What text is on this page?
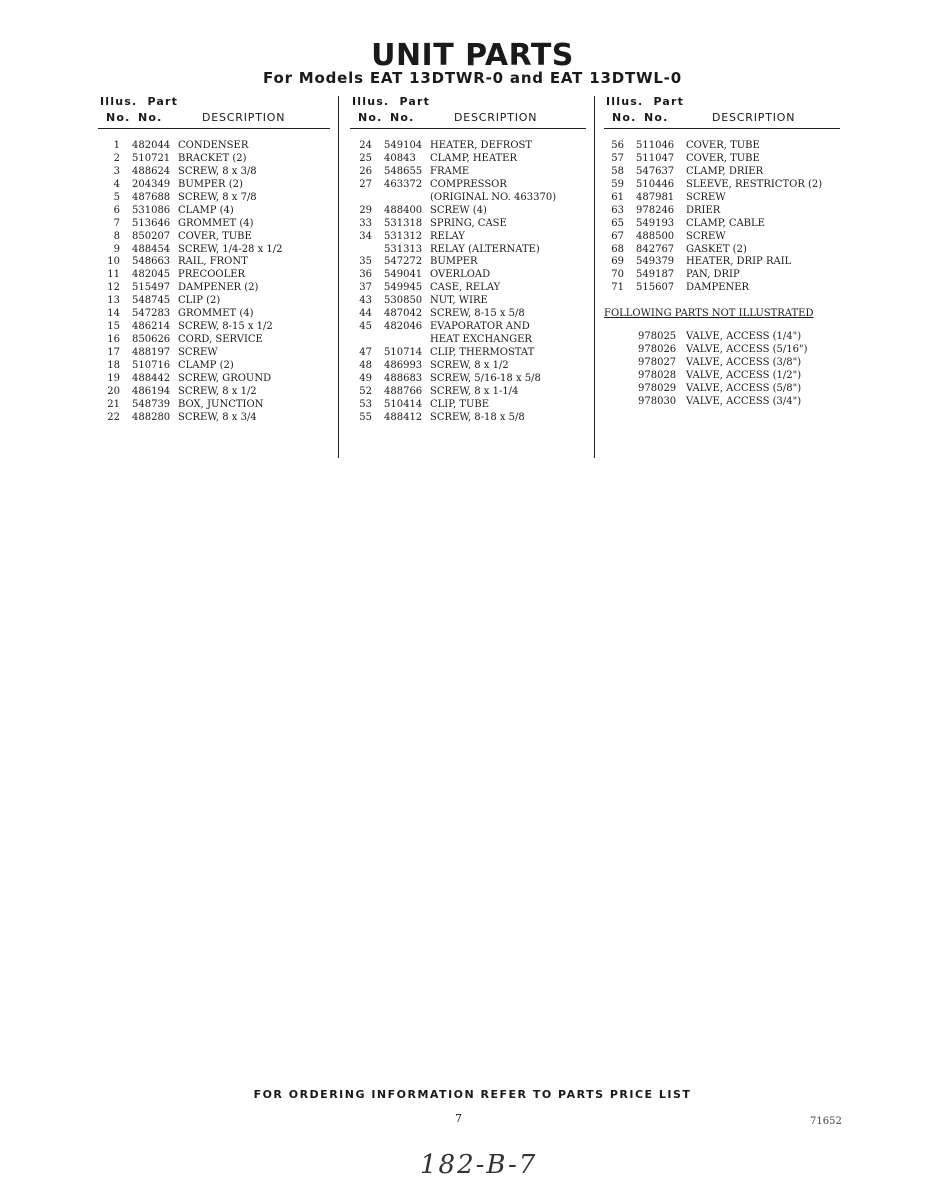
UNIT PARTS
For Models EAT 13DTWR-0 and EAT 13DTWL-0
Illus. Part
No. No.	DESCRIPTION
1	482044 CONDENSER
2	510721 BRACKET (2)
3	488624 SCREW, 8 x 3/8
4	204349 BUMPER (2)
5	487688 SCREW, 8 x 7/8
6	531086 CLAMP (4)
7	513646 GROMMET (4)
8	850207 COVER, TUBE
9	488454 SCREW, 1/4-28 x 1/2
10	548663 RAIL, FRONT
11	482045 PRECOOLER
12	515497 DAMPENER (2)
13	548745 CLIP (2)
14	547283 GROMMET (4)
15	486214 SCREW, 8-15 x 1/2
16	850626 CORD, SERVICE
17	488197 SCREW
18	510716 CLAMP (2)
19	488442 SCREW, GROUND
20	486194 SCREW, 8 x 1/2
21	548739 BOX, JUNCTION
22	488280 SCREW, 8 x 3/4
Illus. Part
No. No.	DESCRIPTION
24	549104 HEATER, DEFROST
25	40843	CLAMP, HEATER
26	548655 FRAME
27	463372 COMPRESSOR
(ORIGINAL NO. 463370)
29	488400 SCREW (4)
33	531318 SPRING, CASE
34	531312 RELAY
531313 RELAY (ALTERNATE)
35	547272 BUMPER
36	549041 OVERLOAD
37	549945 CASE, RELAY
43	530850 NUT, WIRE
44	487042 SCREW, 8-15 x 5/8
45	482046 EVAPORATOR AND
HEAT EXCHANGER
47	510714 CLIP, THERMOSTAT
48	486993 SCREW, 8 x 1/2
49	488683 SCREW, 5/16-18 x 5/8
52	488766 SCREW, 8 x 1-1/4
53	510414 CLIP, TUBE
55	488412 SCREW, 8-18 x 5/8
Illus. Part
No. No.	DESCRIPTION
56	511046	COVER, TUBE
57	511047	COVER, TUBE
58	547637	CLAMP, DRIER
59	510446	SLEEVE, RESTRICTOR (2)
61	487981	SCREW
63	978246	DRIER
65	549193	CLAMP, CABLE
67	488500	SCREW
68	842767	GASKET (2)
69	549379	HEATER, DRIP RAIL
70	549187	PAN, DRIP
71	515607	DAMPENER
FOLLOWING PARTS NOT ILLUSTRATED
978025 VALVE, ACCESS (1/4")
978026 VALVE, ACCESS (5/16")
978027 VALVE, ACCESS (3/8")
978028 VALVE, ACCESS (1/2")
978029 VALVE, ACCESS (5/8")
978030 VALVE, ACCESS (3/4")
FOR ORDERING INFORMATION REFER TO PARTS PRICE LIST
7	71652
182-B-7
